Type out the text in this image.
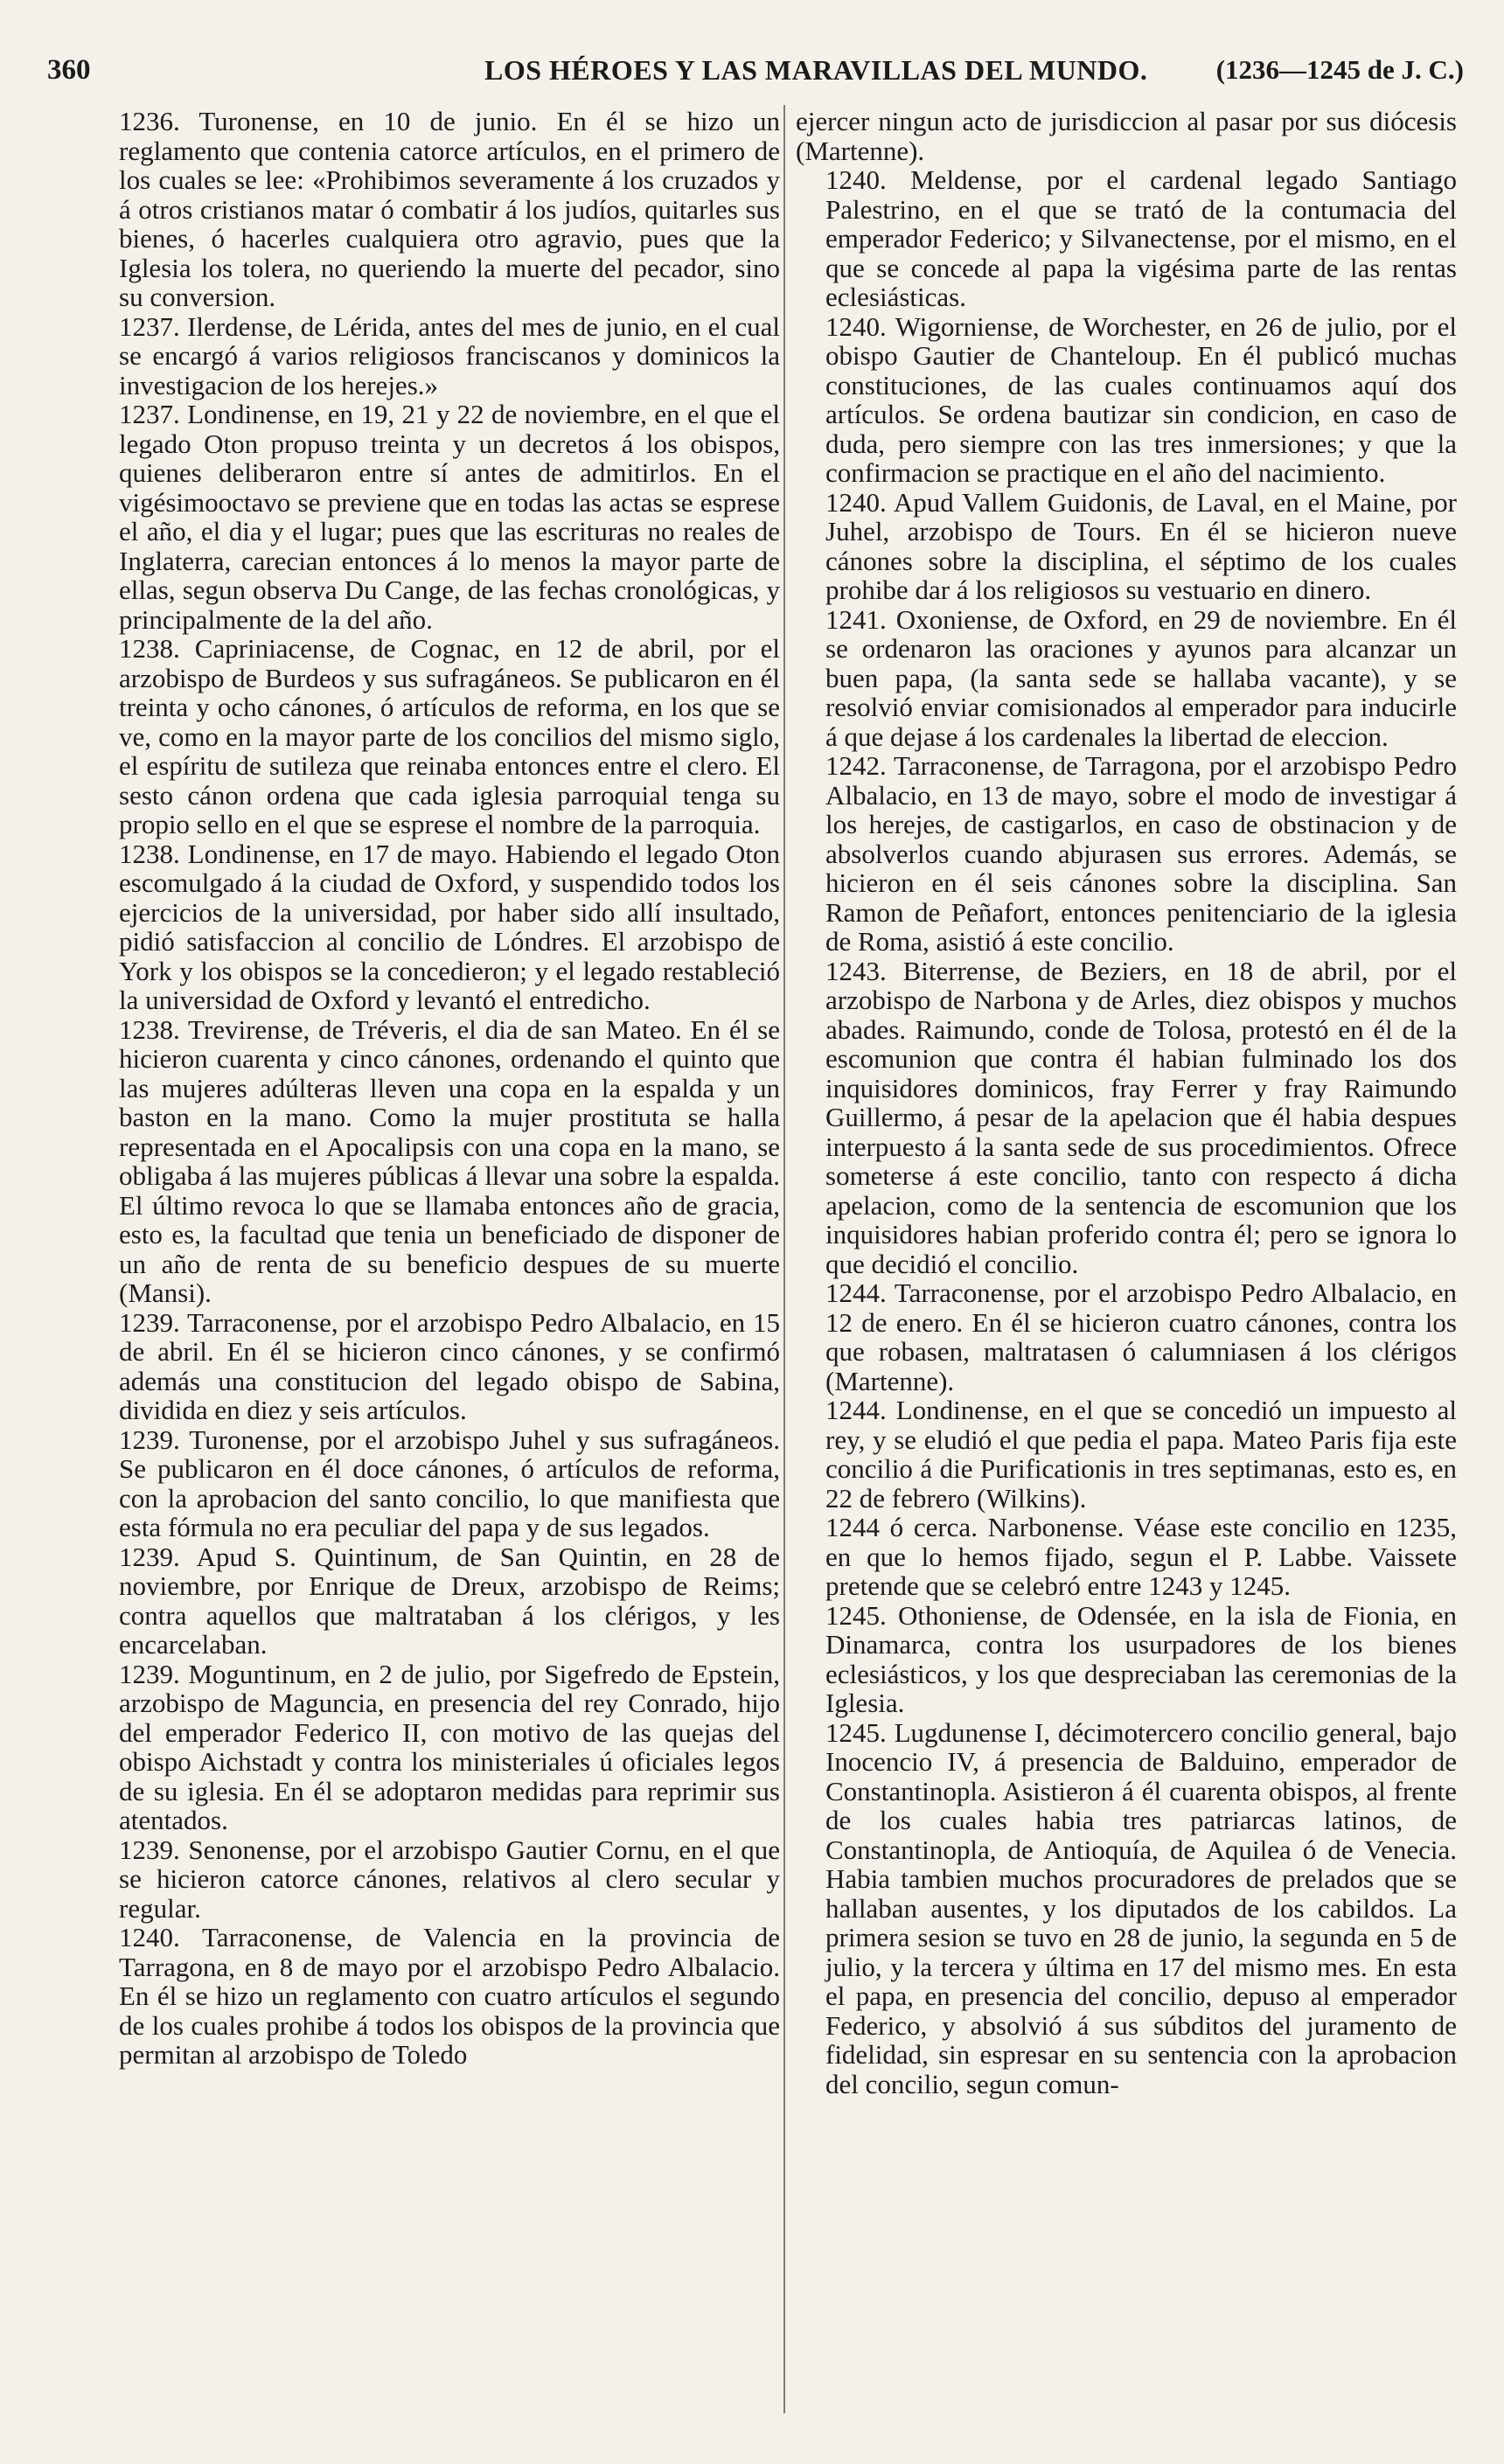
360	LOS HÉROES Y LAS MARAVILLAS DEL MUNDO.	(1236—1245 de J. C.)

1236. Turonense, en 10 de junio. En él se hizo un reglamento que contenia catorce artículos, en el primero de los cuales se lee: «Prohibimos severamente á los cruzados y á otros cristianos matar ó combatir á los judíos, quitarles sus bienes, ó hacerles cualquiera otro agravio, pues que la Iglesia los tolera, no queriendo la muerte del pecador, sino su conversion.

1237. Ilerdense, de Lérida, antes del mes de junio, en el cual se encargó á varios religiosos franciscanos y dominicos la investigacion de los herejes.»

1237. Londinense, en 19, 21 y 22 de noviembre, en el que el legado Oton propuso treinta y un decretos á los obispos, quienes deliberaron entre sí antes de admitirlos. En el vigésimooctavo se previene que en todas las actas se esprese el año, el dia y el lugar; pues que las escrituras no reales de Inglaterra, carecian entonces á lo menos la mayor parte de ellas, segun observa Du Cange, de las fechas cronológicas, y principalmente de la del año.

1238. Capriniacense, de Cognac, en 12 de abril, por el arzobispo de Burdeos y sus sufragáneos. Se publicaron en él treinta y ocho cánones, ó artículos de reforma, en los que se ve, como en la mayor parte de los concilios del mismo siglo, el espíritu de sutileza que reinaba entonces entre el clero. El sesto cánon ordena que cada iglesia parroquial tenga su propio sello en el que se esprese el nombre de la parroquia.

1238. Londinense, en 17 de mayo. Habiendo el legado Oton escomulgado á la ciudad de Oxford, y suspendido todos los ejercicios de la universidad, por haber sido allí insultado, pidió satisfaccion al concilio de Lóndres. El arzobispo de York y los obispos se la concedieron; y el legado restableció la universidad de Oxford y levantó el entredicho.

1238. Trevirense, de Tréveris, el dia de san Mateo. En él se hicieron cuarenta y cinco cánones, ordenando el quinto que las mujeres adúlteras lleven una copa en la espalda y un baston en la mano. Como la mujer prostituta se halla representada en el Apocalipsis con una copa en la mano, se obligaba á las mujeres públicas á llevar una sobre la espalda. El último revoca lo que se llamaba entonces año de gracia, esto es, la facultad que tenia un beneficiado de disponer de un año de renta de su beneficio despues de su muerte (Mansi).

1239. Tarraconense, por el arzobispo Pedro Albalacio, en 15 de abril. En él se hicieron cinco cánones, y se confirmó además una constitucion del legado obispo de Sabina, dividida en diez y seis artículos.

1239. Turonense, por el arzobispo Juhel y sus sufragáneos. Se publicaron en él doce cánones, ó artículos de reforma, con la aprobacion del santo concilio, lo que manifiesta que esta fórmula no era peculiar del papa y de sus legados.

1239. Apud S. Quintinum, de San Quintin, en 28 de noviembre, por Enrique de Dreux, arzobispo de Reims; contra aquellos que maltrataban á los clérigos, y les encarcelaban.

1239. Moguntinum, en 2 de julio, por Sigefredo de Epstein, arzobispo de Maguncia, en presencia del rey Conrado, hijo del emperador Federico II, con motivo de las quejas del obispo Aichstadt y contra los ministeriales ú oficiales legos de su iglesia. En él se adoptaron medidas para reprimir sus atentados.

1239. Senonense, por el arzobispo Gautier Cornu, en el que se hicieron catorce cánones, relativos al clero secular y regular.

1240. Tarraconense, de Valencia en la provincia de Tarragona, en 8 de mayo por el arzobispo Pedro Albalacio. En él se hizo un reglamento con cuatro artículos el segundo de los cuales prohibe á todos los obispos de la provincia que permitan al arzobispo de Toledo

ejercer ningun acto de jurisdiccion al pasar por sus diócesis (Martenne).

1240. Meldense, por el cardenal legado Santiago Palestrino, en el que se trató de la contumacia del emperador Federico; y Silvanectense, por el mismo, en el que se concede al papa la vigésima parte de las rentas eclesiásticas.

1240. Wigorniense, de Worchester, en 26 de julio, por el obispo Gautier de Chanteloup. En él publicó muchas constituciones, de las cuales continuamos aquí dos artículos. Se ordena bautizar sin condicion, en caso de duda, pero siempre con las tres inmersiones; y que la confirmacion se practique en el año del nacimiento.

1240. Apud Vallem Guidonis, de Laval, en el Maine, por Juhel, arzobispo de Tours. En él se hicieron nueve cánones sobre la disciplina, el séptimo de los cuales prohibe dar á los religiosos su vestuario en dinero.

1241. Oxoniense, de Oxford, en 29 de noviembre. En él se ordenaron las oraciones y ayunos para alcanzar un buen papa, (la santa sede se hallaba vacante), y se resolvió enviar comisionados al emperador para inducirle á que dejase á los cardenales la libertad de eleccion.

1242. Tarraconense, de Tarragona, por el arzobispo Pedro Albalacio, en 13 de mayo, sobre el modo de investigar á los herejes, de castigarlos, en caso de obstinacion y de absolverlos cuando abjurasen sus errores. Además, se hicieron en él seis cánones sobre la disciplina. San Ramon de Peñafort, entonces penitenciario de la iglesia de Roma, asistió á este concilio.

1243. Biterrense, de Beziers, en 18 de abril, por el arzobispo de Narbona y de Arles, diez obispos y muchos abades. Raimundo, conde de Tolosa, protestó en él de la escomunion que contra él habian fulminado los dos inquisidores dominicos, fray Ferrer y fray Raimundo Guillermo, á pesar de la apelacion que él habia despues interpuesto á la santa sede de sus procedimientos. Ofrece someterse á este concilio, tanto con respecto á dicha apelacion, como de la sentencia de escomunion que los inquisidores habian proferido contra él; pero se ignora lo que decidió el concilio.

1244. Tarraconense, por el arzobispo Pedro Albalacio, en 12 de enero. En él se hicieron cuatro cánones, contra los que robasen, maltratasen ó calumniasen á los clérigos (Martenne).

1244. Londinense, en el que se concedió un impuesto al rey, y se eludió el que pedia el papa. Mateo Paris fija este concilio á die Purificationis in tres septimanas, esto es, en 22 de febrero (Wilkins).

1244 ó cerca. Narbonense. Véase este concilio en 1235, en que lo hemos fijado, segun el P. Labbe. Vaissete pretende que se celebró entre 1243 y 1245.

1245. Othoniense, de Odensée, en la isla de Fionia, en Dinamarca, contra los usurpadores de los bienes eclesiásticos, y los que despreciaban las ceremonias de la Iglesia.

1245. Lugdunense I, décimotercero concilio general, bajo Inocencio IV, á presencia de Balduino, emperador de Constantinopla. Asistieron á él cuarenta obispos, al frente de los cuales habia tres patriarcas latinos, de Constantinopla, de Antioquía, de Aquilea ó de Venecia. Habia tambien muchos procuradores de prelados que se hallaban ausentes, y los diputados de los cabildos. La primera sesion se tuvo en 28 de junio, la segunda en 5 de julio, y la tercera y última en 17 del mismo mes. En esta el papa, en presencia del concilio, depuso al emperador Federico, y absolvió á sus súbditos del juramento de fidelidad, sin espresar en su sentencia con la aprobacion del concilio, segun comun-
